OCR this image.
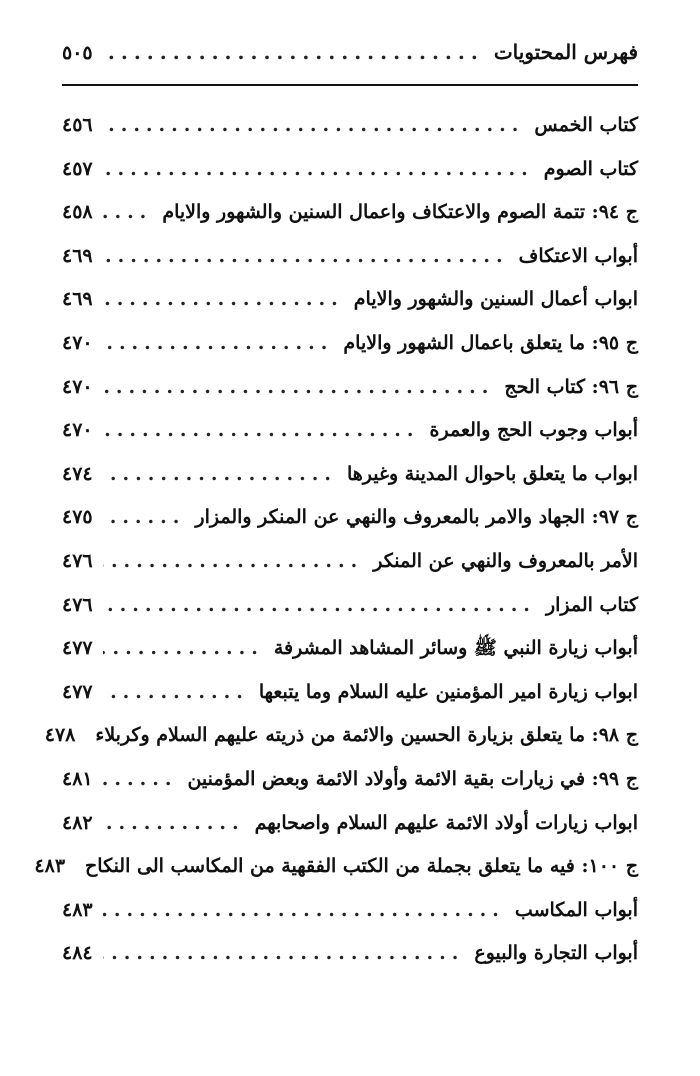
فهرس المحتويات
.....
٥٠٥
كتاب الخمس
.....
٤٥٦
كتاب الصوم
.....
٤٥٧
ج ٩٤: تتمة الصوم والاعتكاف واعمال السنين والشهور والايام
.....
٤٥٨
أبواب الاعتكاف
.....
٤٦٩
ابواب أعمال السنين والشهور والايام
.....
٤٦٩
ج ٩٥: ما يتعلق باعمال الشهور والايام
.....
٤٧٠
ج ٩٦: كتاب الحج
.....
٤٧٠
أبواب وجوب الحج والعمرة
.....
٤٧٠
ابواب ما يتعلق باحوال المدينة وغيرها
.....
٤٧٤
ج ٩٧: الجهاد والامر بالمعروف والنهي عن المنكر والمزار
.....
٤٧٥
الأمر بالمعروف والنهي عن المنكر
.....
٤٧٦
كتاب المزار
.....
٤٧٦
أبواب زيارة النبي ﷺ وسائر المشاهد المشرفة
.....
٤٧٧
ابواب زيارة امير المؤمنين عليه السلام وما يتبعها
.....
٤٧٧
ج ٩٨: ما يتعلق بزيارة الحسين والائمة من ذريته عليهم السلام وكربلاء
٤٧٨
ج ٩٩: في زيارات بقية الائمة وأولاد الائمة وبعض المؤمنين
.....
٤٨١
ابواب زيارات أولاد الائمة عليهم السلام واصحابهم
.....
٤٨٢
ج ١٠٠: فيه ما يتعلق بجملة من الكتب الفقهية من المكاسب الى النكاح
٤٨٣
أبواب المكاسب
.....
٤٨٣
أبواب التجارة والبيوع
.....
٤٨٤
